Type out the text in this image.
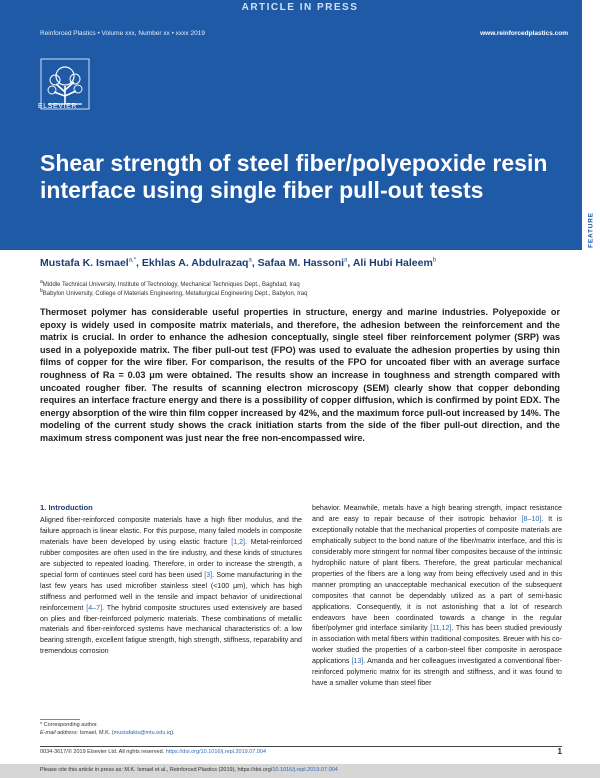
ARTICLE IN PRESS
Reinforced Plastics • Volume xxx, Number xx • xxxx 2019	www.reinforcedplastics.com
ELSEVIER
Shear strength of steel fiber/polyepoxide resin interface using single fiber pull-out tests
FEATURE
Mustafa K. Ismael$^{a,*}$, Ekhlas A. Abdulrazaq$^a$, Safaa M. Hassoni$^a$, Ali Hubi Haleem$^b$
$^a$Middle Technical University, Institute of Technology, Mechanical Techniques Dept., Baghdad, Iraq
$^b$Babylon University, College of Materials Engineering, Metallurgical Engineering Dept., Babylon, Iraq

Thermoset polymer has considerable useful properties in structure, energy and marine industries. Polyepoxide or epoxy is widely used in composite matrix materials, and therefore, the adhesion between the reinforcement and the matrix is crucial. In order to enhance the adhesion conceptually, single steel fiber reinforcement polymer (SRP) was used in a polyepoxide matrix. The fiber pull-out test (FPO) was used to evaluate the adhesion properties by using thin films of copper for the wire fiber. For comparison, the results of the FPO for uncoated fiber with an average surface roughness of Ra = 0.03 μm were obtained. The results show an increase in toughness and strength compared with uncoated rougher fiber. The results of scanning electron microscopy (SEM) clearly show that copper debonding requires an interface fracture energy and there is a possibility of copper diffusion, which is confirmed by point EDX. The energy absorption of the wire thin film copper increased by 42%, and the maximum force pull-out increased by 14%. The modeling of the current study shows the crack initiation starts from the side of the fiber pull-out direction, and the maximum stress component was just near the free non-encompassed wire.

1. Introduction

Aligned fiber-reinforced composite materials have a high fiber modulus, and the failure approach is linear elastic. For this purpose, many failed models in composite materials have been developed by using elastic fracture [1,2]. Metal-reinforced rubber composites are often used in the tire industry, and these kinds of structures are subjected to repeated loading. Therefore, in order to increase the strength, a special form of continues steel cord has been used [3]. Some manufacturing in the last few years has used microfiber stainless steel (<100 μm), which has high stiffness and performed well in the tensile and impact behavior of unidirectional reinforcement [4–7]. The hybrid composite structures used extensively are based on plies and fiber-reinforced polymeric materials. These combinations of metallic materials and fiber-reinforced systems have mechanical characteristics of: a low bearing strength, excellent fatigue strength, high strength, stiffness, reparability and tremendous corrosion

behavior. Meanwhile, metals have a high bearing strength, impact resistance and are easy to repair because of their isotropic behavior [8–10]. It is exceptionally notable that the mechanical properties of composite materials are emphatically subject to the bond nature of the fiber/matrix interface, and this is considerably more stringent for normal fiber composites because of the intrinsic hydrophilic nature of plant fibers. Therefore, the great particular mechanical properties of the fibers are a long way from being effectively used and in this manner prompting an unacceptable mechanical execution of the subsequent composites that cannot be dependably utilized as a part of semi-basic applications. Consequently, it is not astonishing that a lot of research endeavors have been coordinated towards a change in the regular fiber/polymer grid interface similarity [11,12]. This has been studied previously in association with metal fibers within traditional composites. Breuer with his co-worker studied the properties of a carbon-steel fiber composite in aerospace applications [13]. Amanda and her colleagues investigated a conventional fiber-reinforced polymeric matrix for its strength and stiffness, and it was found to have a smaller volume than steel fiber

* Corresponding author.
E-mail address: Ismael, M.K. (mustafakis@mtu.edu.iq).
0034-3617/© 2019 Elsevier Ltd. All rights reserved. https://doi.org/10.1016/j.repl.2019.07.004	1
Please cite this article in press as: M.K. Ismael et al., Reinforced Plastics (2019), https://doi.org/10.1016/j.repl.2019.07.004
